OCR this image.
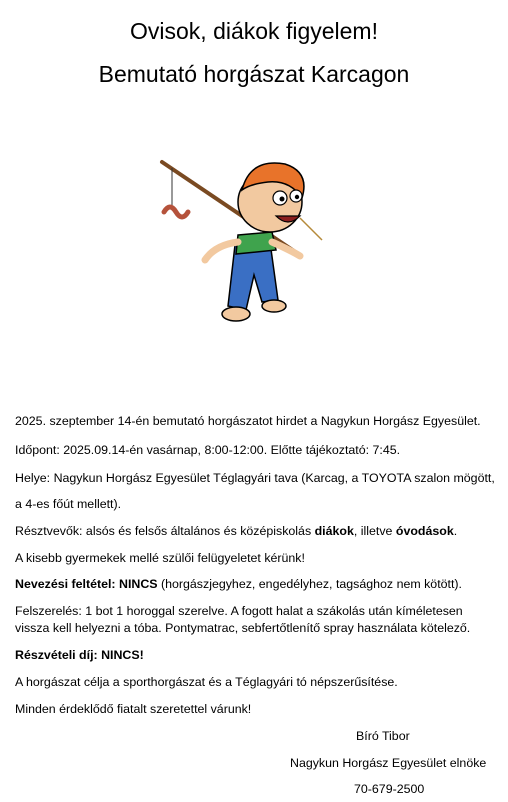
Ovisok, diákok figyelem!
Bemutató horgászat Karcagon
2025. szeptember 14-én bemutató horgászatot hirdet a Nagykun Horgász Egyesület.
Időpont: 2025.09.14-én vasárnap, 8:00-12:00. Előtte tájékoztató: 7:45.
Helye: Nagykun Horgász Egyesület Téglagyári tava (Karcag, a TOYOTA szalon mögött,
a 4-es főút mellett).
Résztvevők: alsós és felsős általános és középiskolás diákok, illetve óvodások.
A kisebb gyermekek mellé szülői felügyeletet kérünk!
Nevezési feltétel: NINCS (horgászjegyhez, engedélyhez, tagsághoz nem kötött).
Felszerelés: 1 bot 1 horoggal szerelve. A fogott halat a szákolás után kíméletesen
vissza kell helyezni a tóba. Pontymatrac, sebfertőtlenítő spray használata kötelező.
Részvételi díj: NINCS!
A horgászat célja a sporthorgászat és a Téglagyári tó népszerűsítése.
Minden érdeklődő fiatalt szeretettel várunk!
Bíró Tibor
Nagykun Horgász Egyesület elnöke
70-679-2500
